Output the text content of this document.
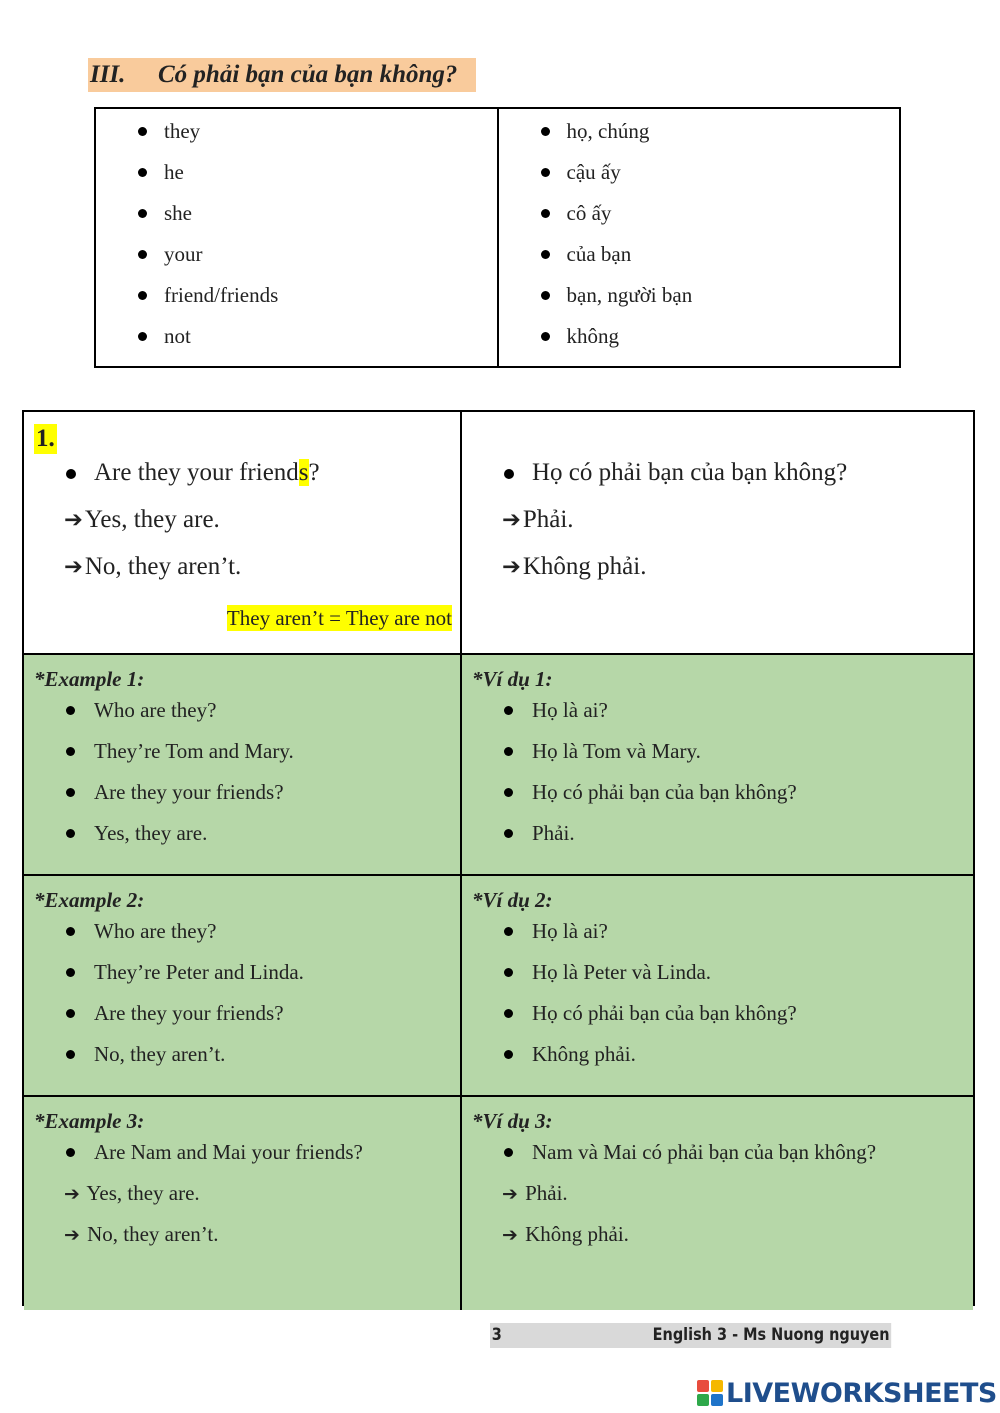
III. Có phải bạn của bạn không?
they
he
she
your
friend/friends
not
họ, chúng
cậu ấy
cô ấy
của bạn
bạn, người bạn
không
1.
Are they your friends?
➔Yes, they are.
➔No, they aren’t.
They aren’t = They are not
Họ có phải bạn của bạn không?
➔Phải.
➔Không phải.
*Example 1:
Who are they?
They’re Tom and Mary.
Are they your friends?
Yes, they are.
*Ví dụ 1:
Họ là ai?
Họ là Tom và Mary.
Họ có phải bạn của bạn không?
Phải.
*Example 2:
Who are they?
They’re Peter and Linda.
Are they your friends?
No, they aren’t.
*Ví dụ 2:
Họ là ai?
Họ là Peter và Linda.
Họ có phải bạn của bạn không?
Không phải.
*Example 3:
Are Nam and Mai your friends?
➔ Yes, they are.
➔ No, they aren’t.
*Ví dụ 3:
Nam và Mai có phải bạn của bạn không?
➔ Phải.
➔ Không phải.
3	English 3 - Ms Nuong nguyen
LIVEWORKSHEETS
